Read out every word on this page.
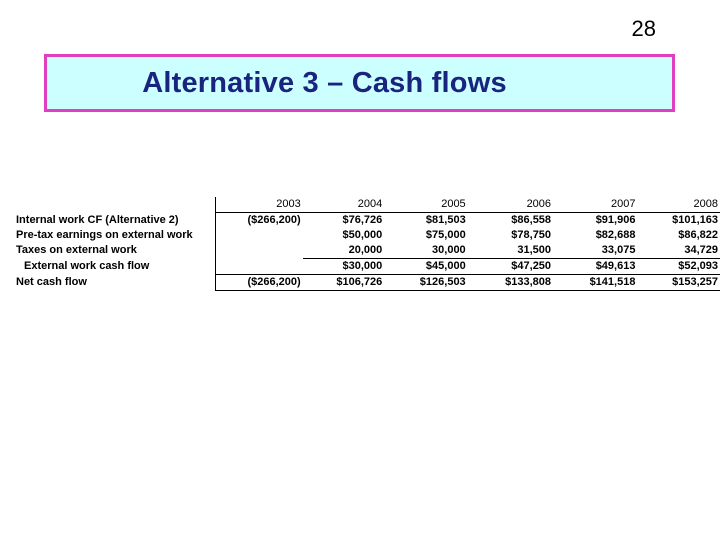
28
Alternative 3 – Cash flows
	2003	2004	2005	2006	2007	2008
Internal work CF (Alternative 2)	($266,200)	$76,726	$81,503	$86,558	$91,906	$101,163
Pre-tax earnings on external work		$50,000	$75,000	$78,750	$82,688	$86,822
Taxes on external work		20,000	30,000	31,500	33,075	34,729
External work cash flow		$30,000	$45,000	$47,250	$49,613	$52,093
Net cash flow	($266,200)	$106,726	$126,503	$133,808	$141,518	$153,257
